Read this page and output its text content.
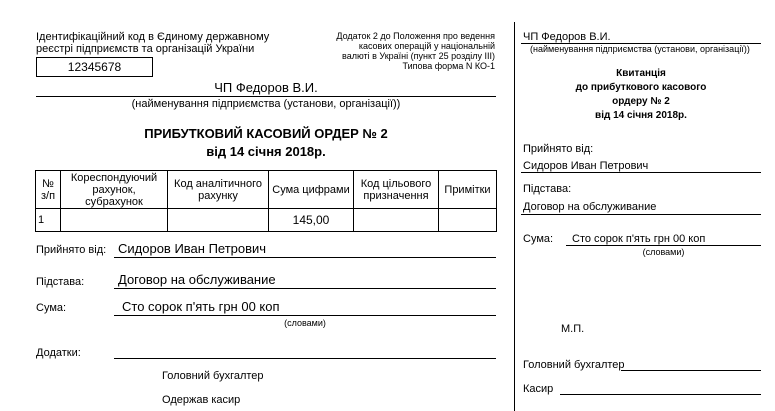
Ідентифікаційний код в Єдиному державному
реєстрі підприємств та організацій України
12345678
Додаток 2 до Положення про ведення
касових операцій у національній
валюті в Україні (пункт 25 розділу III)
Типова форма N КО-1
ЧП Федоров В.И.
(найменування підприємства (установи, організації))
ПРИБУТКОВИЙ КАСОВИЙ ОРДЕР № 2
від 14 січня 2018р.
№ з/п	Кореспондуючий рахунок, субрахунок	Код аналітичного рахунку	Сума цифрами	Код цільового призначення	Примітки
1			145,00		
Прийнято від: Сидоров Иван Петрович
Підстава:	Договор на обслуживание
Сума:	Сто сорок п'ять грн 00 коп
(словами)
Додатки:
Головний бухгалтер
Одержав касир
ЧП Федоров В.И.
(найменування підприємства (установи, організації))
Квитанція
до прибуткового касового
ордеру № 2
від 14 січня 2018р.
Прийнято від:
Сидоров Иван Петрович
Підстава:
Договор на обслуживание
Сума: Сто сорок п'ять грн 00 коп
(словами)
М.П.
Головний бухгалтер
Касир
